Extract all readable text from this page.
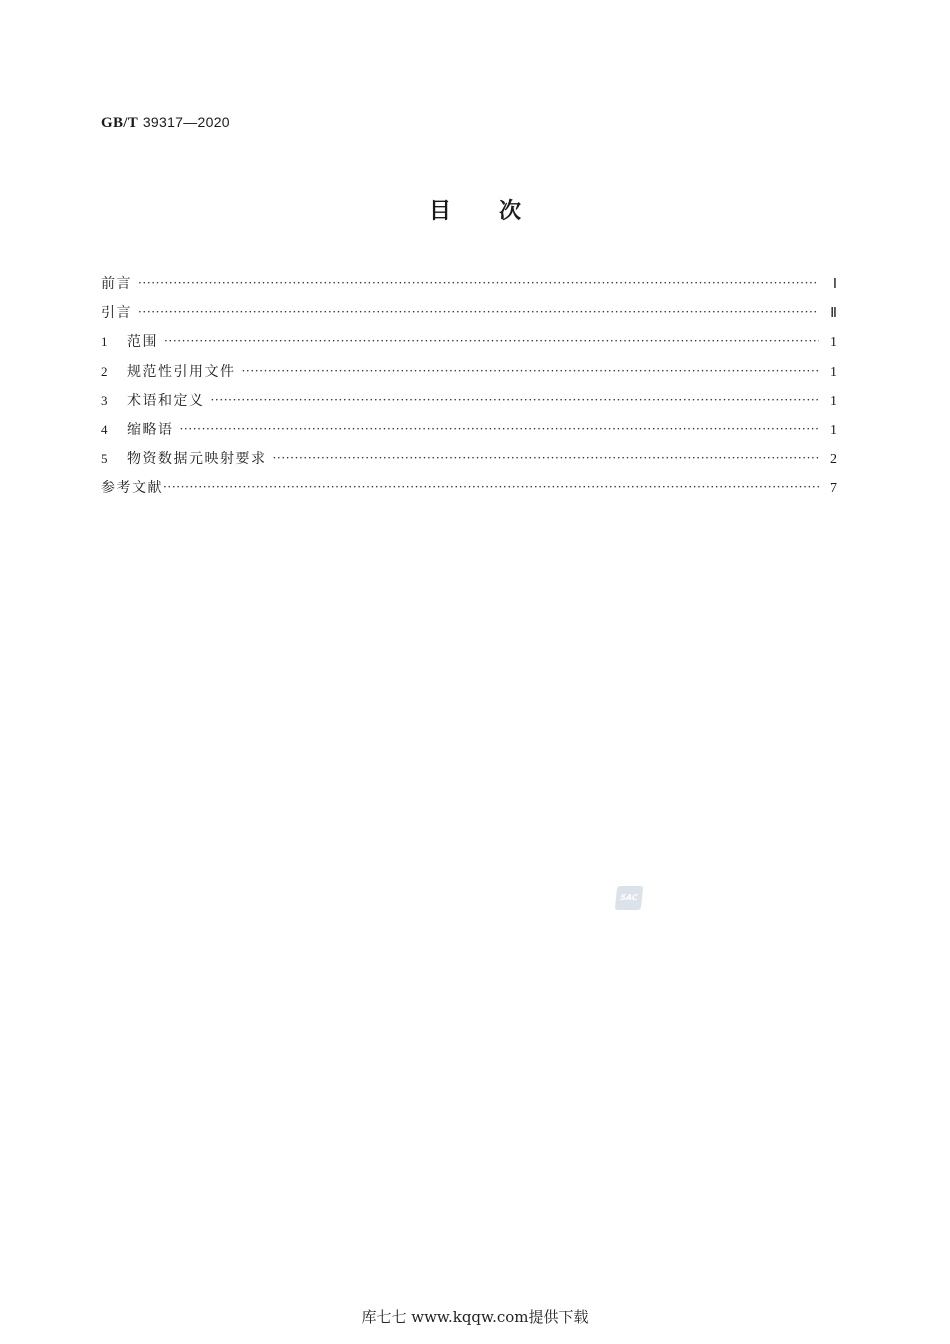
GB/T 39317—2020
目次
前言 ·····	Ⅰ
引言 ·····	Ⅱ
1	范围 ·····	1
2	规范性引用文件 ·····	1
3	术语和定义 ·····	1
4	缩略语 ·····	1
5	物资数据元映射要求 ·····	2
参考文献 ·····	7
SAC
库七七 www.kqqw.com提供下载
